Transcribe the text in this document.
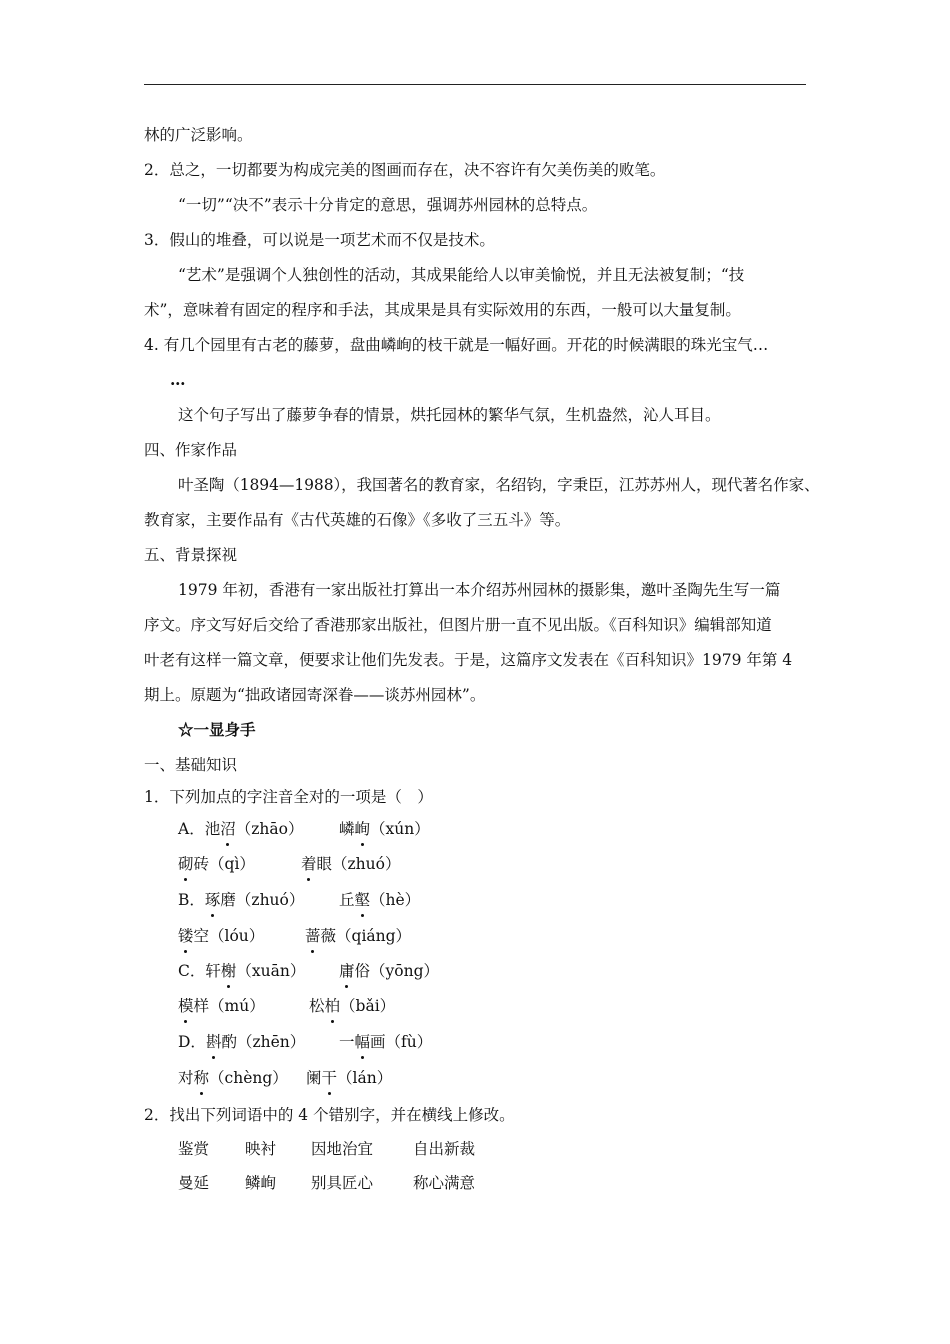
林的广泛影响。
2．总之，一切都要为构成完美的图画而存在，决不容许有欠美伤美的败笔。
“一切”“决不”表示十分肯定的意思，强调苏州园林的总特点。
3．假山的堆叠，可以说是一项艺术而不仅是技术。
“艺术”是强调个人独创性的活动，其成果能给人以审美愉悦，并且无法被复制；“技
术”，意味着有固定的程序和手法，其成果是具有实际效用的东西，一般可以大量复制。
4. 有几个园里有古老的藤萝，盘曲嶙峋的枝干就是一幅好画。开花的时候满眼的珠光宝气…
…
这个句子写出了藤萝争春的情景，烘托园林的繁华气氛，生机盎然，沁人耳目。
四、作家作品
叶圣陶（1894—1988），我国著名的教育家，名绍钧，字秉臣，江苏苏州人，现代著名作家、
教育家，主要作品有《古代英雄的石像》《多收了三五斗》等。
五、背景探视
1979 年初，香港有一家出版社打算出一本介绍苏州园林的摄影集，邀叶圣陶先生写一篇
序文。序文写好后交给了香港那家出版社，但图片册一直不见出版。《百科知识》编辑部知道
叶老有这样一篇文章，便要求让他们先发表。于是，这篇序文发表在《百科知识》1979 年第 4
期上。原题为“拙政诸园寄深眷——谈苏州园林”。
☆一显身手
一、基础知识
1．下列加点的字注音全对的一项是（　）
A．池沼（zhāo） 嶙峋（xún）
砌砖（qì）	着眼（zhuó）
B．琢磨（zhuó） 丘壑（hè）
镂空（lóu）	蔷薇（qiáng）
C．轩榭（xuān） 庸俗（yōng）
模样（mú）	松柏（bǎi）
D．斟酌（zhēn） 一幅画（fù）
对称（chèng） 阑干（lán）
2．找出下列词语中的 4 个错别字，并在横线上修改。
鉴赏 映衬 因地治宜	自出新裁
曼延 鳞峋 别具匠心	称心满意
